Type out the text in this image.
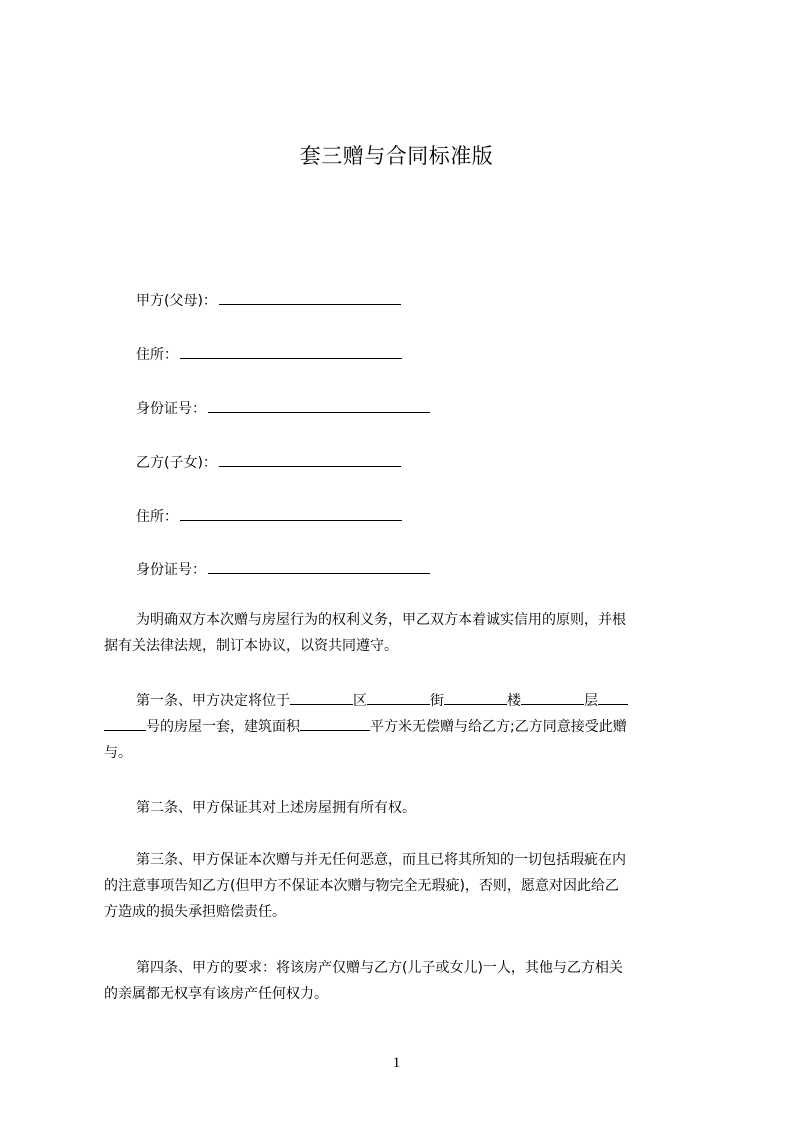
套三赠与合同标准版
甲方(父母)：
住所：
身份证号：
乙方(子女)：
住所：
身份证号：
为明确双方本次赠与房屋行为的权利义务，甲乙双方本着诚实信用的原则，并根
据有关法律法规，制订本协议，以资共同遵守。
第一条、甲方决定将位于	区	街	楼	层
号的房屋一套，建筑面积	平方米无偿赠与给乙方;乙方同意接受此赠
与。
第二条、甲方保证其对上述房屋拥有所有权。
第三条、甲方保证本次赠与并无任何恶意，而且已将其所知的一切包括瑕疵在内
的注意事项告知乙方(但甲方不保证本次赠与物完全无瑕疵)，否则，愿意对因此给乙
方造成的损失承担赔偿责任。
第四条、甲方的要求：将该房产仅赠与乙方(儿子或女儿)一人，其他与乙方相关
的亲属都无权享有该房产任何权力。
1
